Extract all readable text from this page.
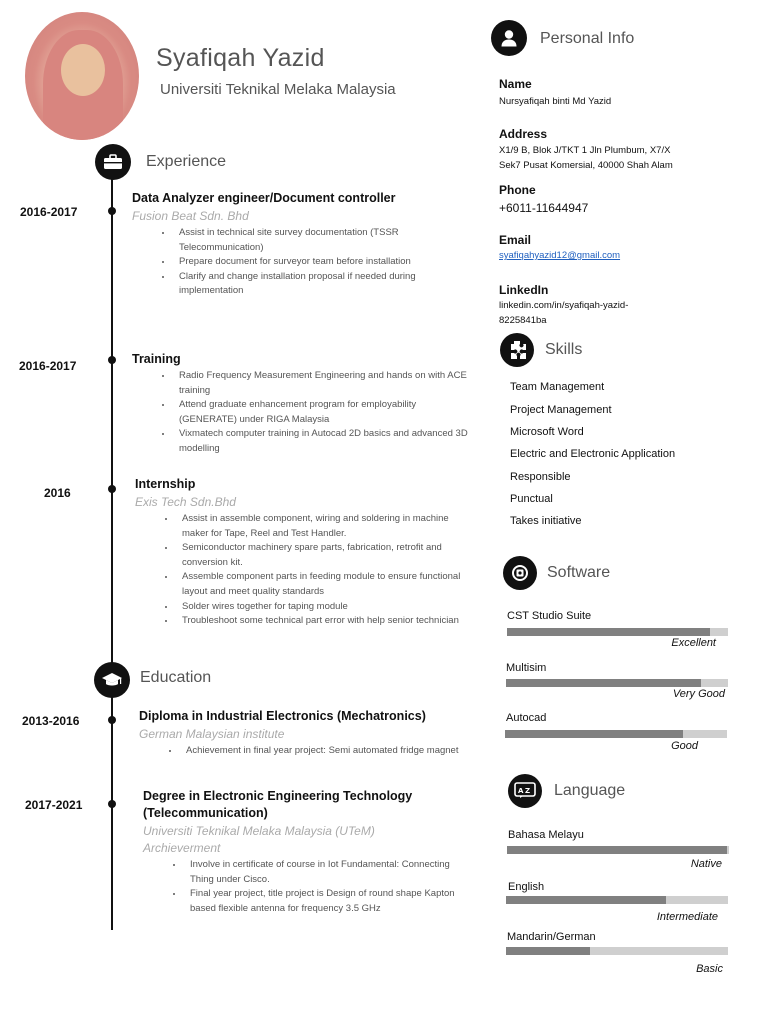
Syafiqah Yazid
Universiti Teknikal Melaka Malaysia
Experience
2016-2017
Data Analyzer engineer/Document controller
Fusion Beat Sdn. Bhd
• Assist in technical site survey documentation (TSSR Telecommunication)
• Prepare document for surveyor team before installation
• Clarify and change installation proposal if needed during implementation
2016-2017	Training
• Radio Frequency Measurement Engineering and hands on with ACE training
• Attend graduate enhancement program for employability (GENERATE) under RIGA Malaysia
• Vixmatech computer training in Autocad 2D basics and advanced 3D modelling
2016
Internship
Exis Tech Sdn.Bhd
• Assist in assemble component, wiring and soldering in machine maker for Tape, Reel and Test Handler.
• Semiconductor machinery spare parts, fabrication, retrofit and conversion kit.
• Assemble component parts in feeding module to ensure functional layout and meet quality standards
• Solder wires together for taping module
• Troubleshoot some technical part error with help senior technician
Education
2013-2016	Diploma in Industrial Electronics (Mechatronics)
German Malaysian institute
• Achievement in final year project: Semi automated fridge magnet
2017-2021
Degree in Electronic Engineering Technology
(Telecommunication)
Universiti Teknikal Melaka Malaysia (UTeM)
Archieverment
• Involve in certificate of course in Iot Fundamental: Connecting Thing under Cisco.
• Final year project, title project is Design of round shape Kapton based flexible antenna for frequency 3.5 GHz
Personal Info
Name
Nursyafiqah binti Md Yazid
Address
X1/9 B, Blok J/TKT 1 Jln Plumbum, X7/X
Sek7 Pusat Komersial, 40000 Shah Alam
Phone
+6011-11644947
Email
syafiqahyazid12@gmail.com
LinkedIn
linkedin.com/in/syafiqah-yazid-
8225841ba
Skills
Team Management
Project Management
Microsoft Word
Electric and Electronic Application
Responsible
Punctual
Takes initiative
Software
CST Studio Suite
Excellent
Multisim
Very Good
Autocad
Good
A Z Language
Bahasa Melayu
Native
English
Intermediate
Mandarin/German
Basic
